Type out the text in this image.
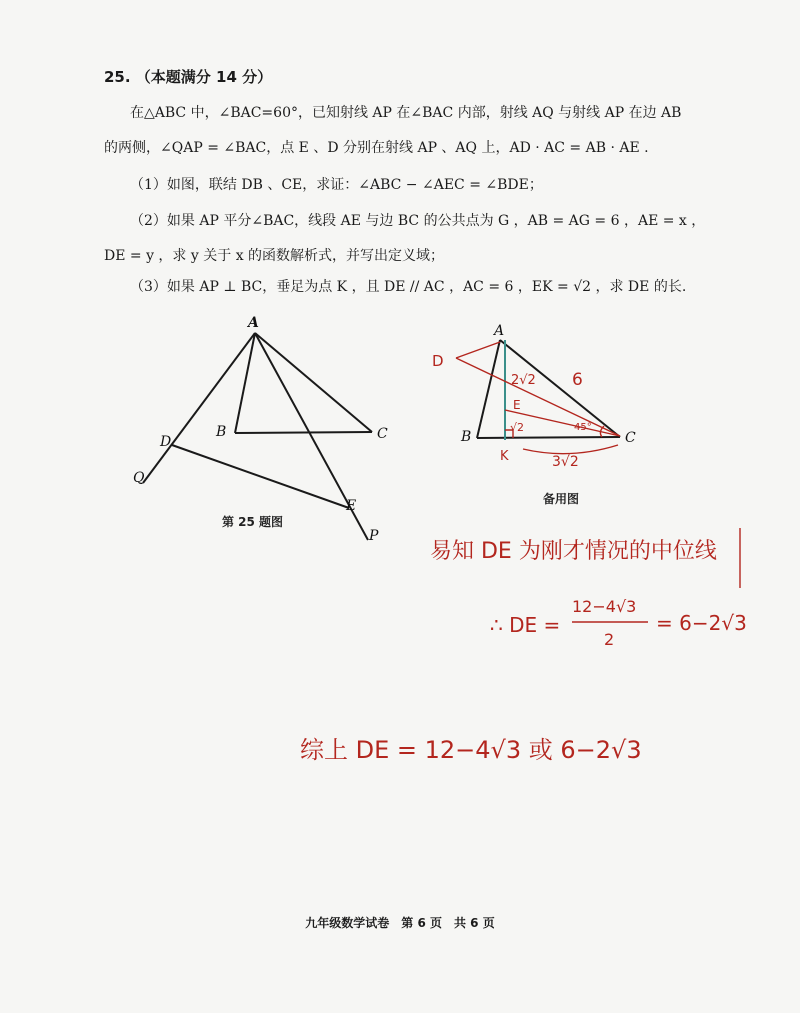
25. （本题满分 14 分）
在△ABC 中，∠BAC=60°，已知射线 AP 在∠BAC 内部，射线 AQ 与射线 AP 在边 AB
的两侧，∠QAP = ∠BAC，点 E 、D 分别在射线 AP 、AQ 上，AD · AC = AB · AE .
（1）如图，联结 DB 、CE，求证：∠ABC − ∠AEC = ∠BDE；
（2）如果 AP 平分∠BAC，线段 AE 与边 BC 的公共点为 G ，AB = AG = 6 ，AE = x ，
DE = y ，求 y 关于 x 的函数解析式，并写出定义域；
（3）如果 AP ⊥ BC，垂足为点 K ，且 DE // AC ，AC = 6 ，EK = √2 ，求 DE 的长.
A
B	C
D
E
P
Q
第 25 题图
A
B	C
D
E
K
备用图
2√2 6
√2	45°
3√2
易知 DE 为刚才情况的中位线
∴ DE =
12−4√3
2
= 6−2√3
综上 DE = 12−4√3 或 6−2√3
九年级数学试卷　第 6 页　共 6 页
